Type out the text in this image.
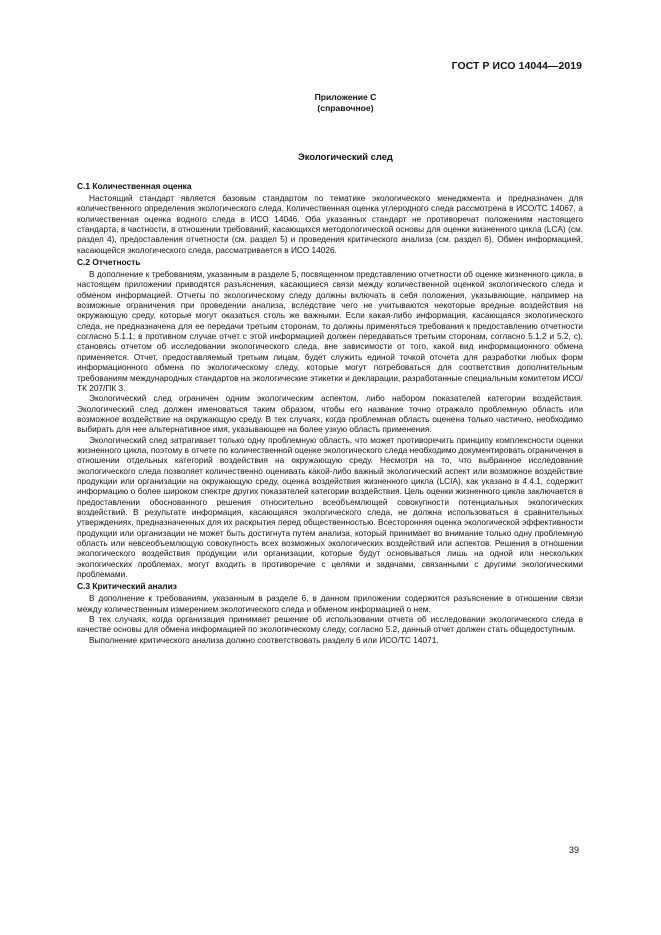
ГОСТ Р ИСО 14044—2019
Приложение С
(справочное)
Экологический след
С.1 Количественная оценка

Настоящий стандарт является базовым стандартом по тематике экологического менеджмента и предназначен для количественного определения экологического следа. Количественная оценка углеродного следа рассмотрена в ИСО/ТС 14067, а количественная оценка водного следа в ИСО 14046. Оба указанных стандарт не противоречат положениям настоящего стандарта, в частности, в отношении требований, касающихся методологической основы для оценки жизненного цикла (LCA) (см. раздел 4), предоставления отчетности (см. раздел 5) и проведения критического анализа (см. раздел 6). Обмен информацией, касающейся экологического следа, рассматривается в ИСО 14026.

С.2 Отчетность

В дополнение к требованиям, указанным в разделе 5, посвященном представлению отчетности об оценке жизненного цикла, в настоящем приложении приводятся разъяснения, касающиеся связи между количественной оценкой экологического следа и обменом информацией. Отчеты по экологическому следу должны включать в себя положения, указывающие, например на возможные ограничения при проведении анализа, вследствие чего не учитываются некоторые вредные воздействия на окружающую среду, которые могут оказаться столь же важными. Если какая-либо информация, касающаяся экологического следа, не предназначена для ее передачи третьим сторонам, то должны применяться требования к предоставлению отчетности согласно 5.1.1; в противном случае отчет с этой информацией должен передаваться третьим сторонам, согласно 5.1.2 и 5.2, с), становясь отчетом об исследовании экологического следа, вне зависимости от того, какой вид информационного обмена применяется. Отчет, предоставляемый третьим лицам, будет служить единой точкой отсчета для разработки любых форм информационного обмена по экологическому следу, которые могут потребоваться для соответствия дополнительным требованиям международных стандартов на экологические этикетки и декларации, разработанные специальным комитетом ИСО/ТК 207/ПК 3.

Экологический след ограничен одним экологическим аспектом, либо набором показателей категории воздействия. Экологический след должен именоваться таким образом, чтобы его название точно отражало проблемную область или возможное воздействие на окружающую среду. В тех случаях, когда проблемная область оценена только частично, необходимо выбирать для нее альтернативное имя, указывающее на более узкую область применения.

Экологический след затрагивает только одну проблемную область, что может противоречить принципу комплексности оценки жизненного цикла, поэтому в отчете по количественной оценке экологического следа необходимо документировать ограничения в отношении отдельных категорий воздействия на окружающую среду. Несмотря на то, что выбранное исследование экологического следа позволяет количественно оценивать какой-либо важный экологический аспект или возможное воздействие продукции или организации на окружающую среду, оценка воздействия жизненного цикла (LCIA), как указано в 4.4.1, содержит информацию о более широком спектре других показателей категории воздействия. Цель оценки жизненного цикла заключается в предоставлении обоснованного решения относительно всеобъемлющей совокупности потенциальных экологических воздействий. В результате информация, касающаяся экологического следа, не должна использоваться в сравнительных утверждениях, предназначенных для их раскрытия перед общественностью. Всесторонняя оценка экологической эффективности продукции или организации не может быть достигнута путем анализа, который принимает во внимание только одну проблемную область или невсеобъемлющую совокупность всех возможных экологических воздействий или аспектов. Решения в отношении экологического воздействия продукции или организации, которые будут основываться лишь на одной или нескольких экологических проблемах, могут входить в противоречие с целями и задачами, связанными с другими экологическими проблемами.

С.3 Критический анализ

В дополнение к требованиям, указанным в разделе 6, в данном приложении содержится разъяснение в отношении связи между количественным измерением экологического следа и обменом информацией о нем.

В тех случаях, когда организация принимает решение об использовании отчета об исследовании экологического следа в качестве основы для обмена информацией по экологическому следу, согласно 5.2, данный отчет должен стать общедоступным.

Выполнение критического анализа должно соответствовать разделу 6 или ИСО/ТС 14071.

39
